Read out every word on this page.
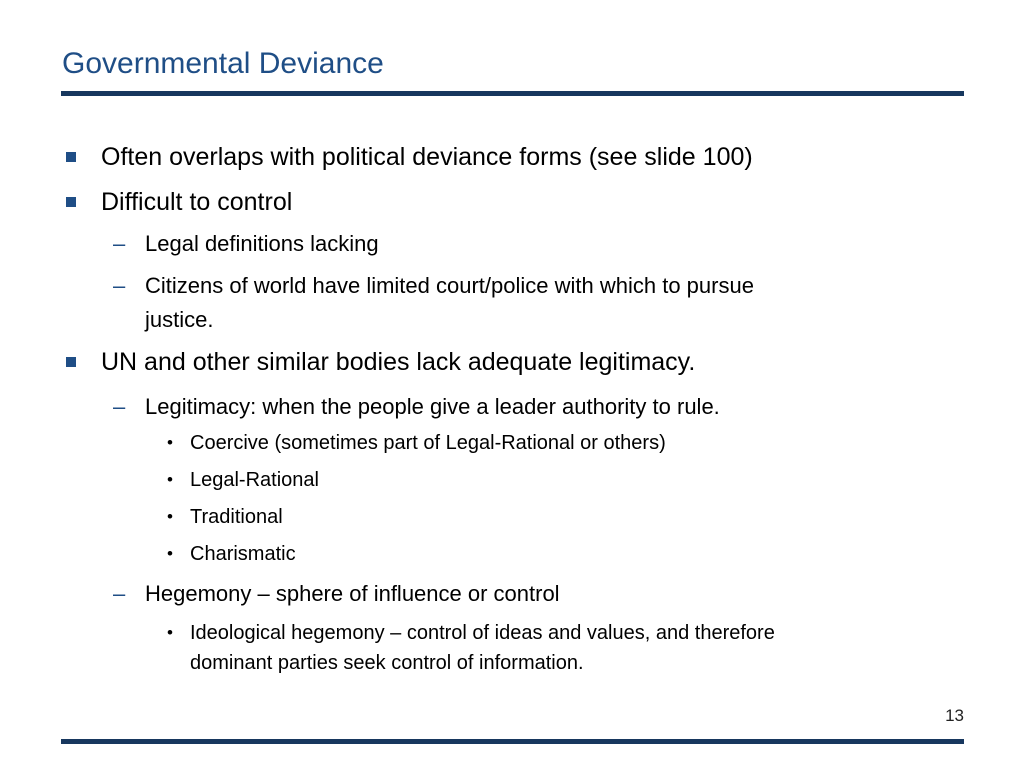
Governmental Deviance
Often overlaps with political deviance forms (see slide 100)
Difficult to control
– Legal definitions lacking
– Citizens of world have limited court/police with which to pursue
justice.
UN and other similar bodies lack adequate legitimacy.
– Legitimacy: when the people give a leader authority to rule.
• Coercive (sometimes part of Legal-Rational or others)
• Legal-Rational
• Traditional
• Charismatic
– Hegemony – sphere of influence or control
• Ideological hegemony – control of ideas and values, and therefore
dominant parties seek control of information.
13
